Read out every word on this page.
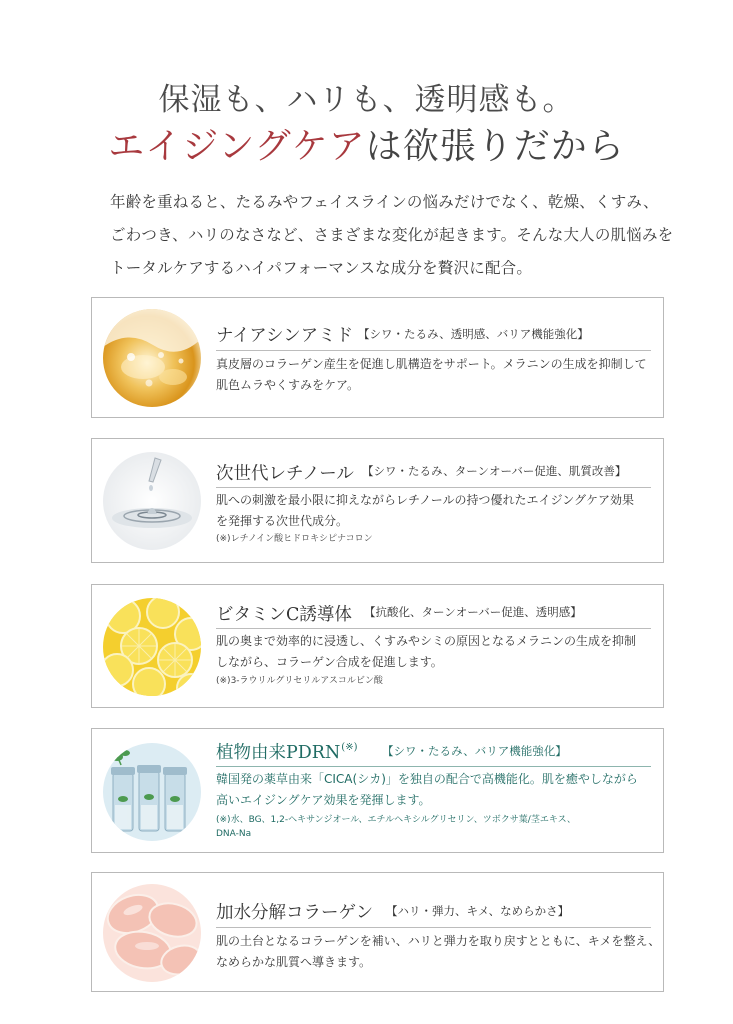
保湿も、ハリも、透明感も。
エイジングケアは欲張りだから
年齢を重ねると、たるみやフェイスラインの悩みだけでなく、乾燥、くすみ、
ごわつき、ハリのなさなど、さまざまな変化が起きます。そんな大人の肌悩みを
トータルケアするハイパフォーマンスな成分を贅沢に配合。
ナイアシンアミド 【シワ・たるみ、透明感、バリア機能強化】
真皮層のコラーゲン産生を促進し肌構造をサポート。メラニンの生成を抑制して
肌色ムラやくすみをケア。
次世代レチノール 【シワ・たるみ、ターンオーバー促進、肌質改善】
肌への刺激を最小限に抑えながらレチノールの持つ優れたエイジングケア効果
を発揮する次世代成分。
(※)レチノイン酸ヒドロキシピナコロン
ビタミンC誘導体 【抗酸化、ターンオーバー促進、透明感】
肌の奥まで効率的に浸透し、くすみやシミの原因となるメラニンの生成を抑制
しながら、コラーゲン合成を促進します。
(※)3-ラウリルグリセリルアスコルビン酸
植物由来PDRN(※) 【シワ・たるみ、バリア機能強化】
韓国発の薬草由来「CICA(シカ)」を独自の配合で高機能化。肌を癒やしながら
高いエイジングケア効果を発揮します。
(※)水、BG、1,2-ヘキサンジオール、エチルヘキシルグリセリン、ツボクサ葉/茎エキス、
DNA-Na
加水分解コラーゲン 【ハリ・弾力、キメ、なめらかさ】
肌の土台となるコラーゲンを補い、ハリと弾力を取り戻すとともに、キメを整え、
なめらかな肌質へ導きます。
